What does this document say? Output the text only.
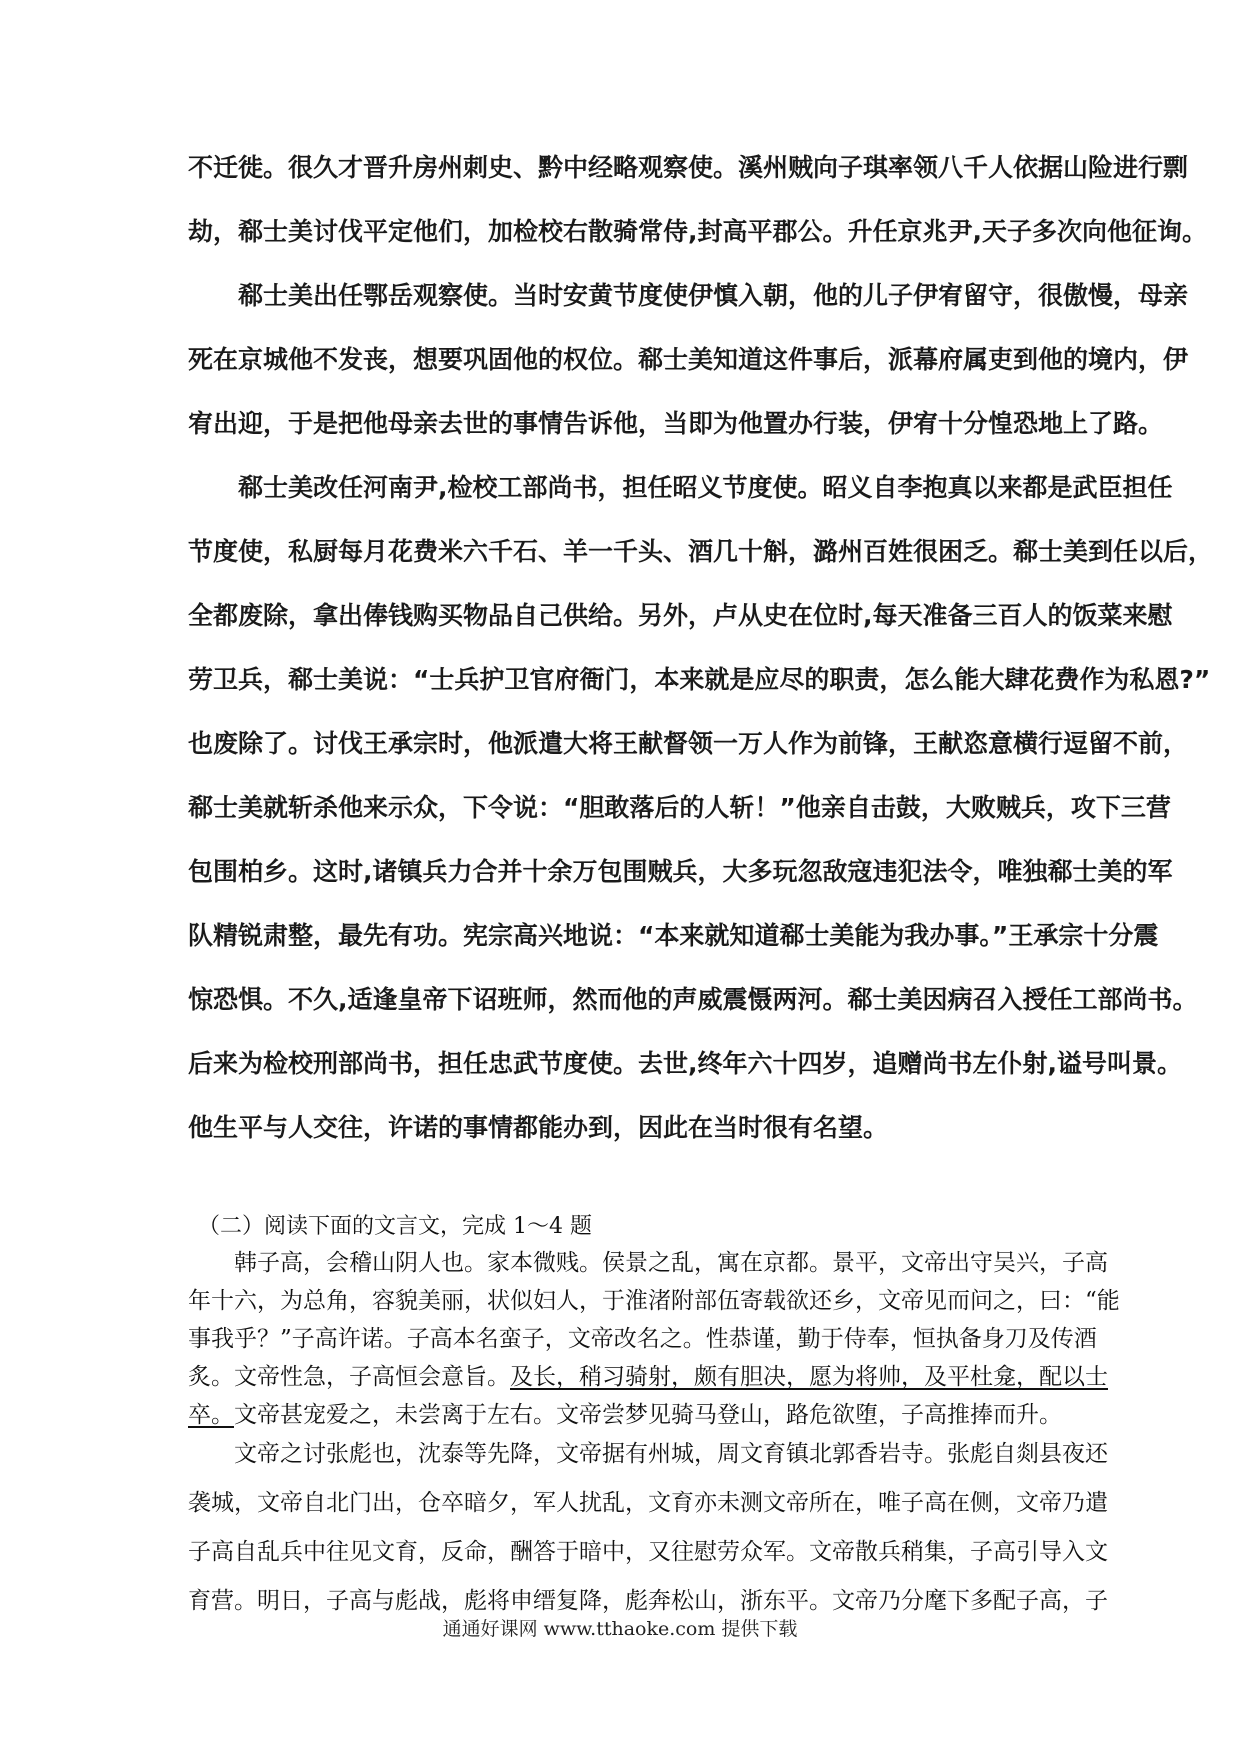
不迁徙。很久才晋升房州刺史、黔中经略观察使。溪州贼向子琪率领八千人依据山险进行剽

劫，郗士美讨伐平定他们，加检校右散骑常侍,封高平郡公。升任京兆尹,天子多次向他征询。

　　郗士美出任鄂岳观察使。当时安黄节度使伊慎入朝，他的儿子伊宥留守，很傲慢，母亲

死在京城他不发丧，想要巩固他的权位。郗士美知道这件事后，派幕府属吏到他的境内，伊

宥出迎，于是把他母亲去世的事情告诉他，当即为他置办行装，伊宥十分惶恐地上了路。

　　郗士美改任河南尹,检校工部尚书，担任昭义节度使。昭义自李抱真以来都是武臣担任

节度使，私厨每月花费米六千石、羊一千头、酒几十斛，潞州百姓很困乏。郗士美到任以后，

全都废除，拿出俸钱购买物品自己供给。另外，卢从史在位时,每天准备三百人的饭菜来慰

劳卫兵，郗士美说：“士兵护卫官府衙门，本来就是应尽的职责，怎么能大肆花费作为私恩?”

也废除了。讨伐王承宗时，他派遣大将王献督领一万人作为前锋，王献恣意横行逗留不前，

郗士美就斩杀他来示众，下令说：“胆敢落后的人斩！”他亲自击鼓，大败贼兵，攻下三营

包围柏乡。这时,诸镇兵力合并十余万包围贼兵，大多玩忽敌寇违犯法令，唯独郗士美的军

队精锐肃整，最先有功。宪宗高兴地说：“本来就知道郗士美能为我办事。”王承宗十分震

惊恐惧。不久,适逢皇帝下诏班师，然而他的声威震慑两河。郗士美因病召入授任工部尚书。

后来为检校刑部尚书，担任忠武节度使。去世,终年六十四岁，追赠尚书左仆射,谥号叫景。

他生平与人交往，许诺的事情都能办到，因此在当时很有名望。

（二）阅读下面的文言文，完成 1～4 题

　　韩子高，会稽山阴人也。家本微贱。侯景之乱，寓在京都。景平，文帝出守吴兴，子高

年十六，为总角，容貌美丽，状似妇人，于淮渚附部伍寄载欲还乡，文帝见而问之，曰：“能

事我乎？”子高许诺。子高本名蛮子，文帝改名之。性恭谨，勤于侍奉，恒执备身刀及传酒

炙。文帝性急，子高恒会意旨。及长，稍习骑射，颇有胆决，愿为将帅，及平杜龛，配以士

卒。文帝甚宠爱之，未尝离于左右。文帝尝梦见骑马登山，路危欲堕，子高推捧而升。

　　文帝之讨张彪也，沈泰等先降，文帝据有州城，周文育镇北郭香岩寺。张彪自剡县夜还

袭城，文帝自北门出，仓卒暗夕，军人扰乱，文育亦未测文帝所在，唯子高在侧，文帝乃遣

子高自乱兵中往见文育，反命，酬答于暗中，又往慰劳众军。文帝散兵稍集，子高引导入文

育营。明日，子高与彪战，彪将申缙复降，彪奔松山，浙东平。文帝乃分麾下多配子高，子

通通好课网 www.tthaoke.com 提供下载
